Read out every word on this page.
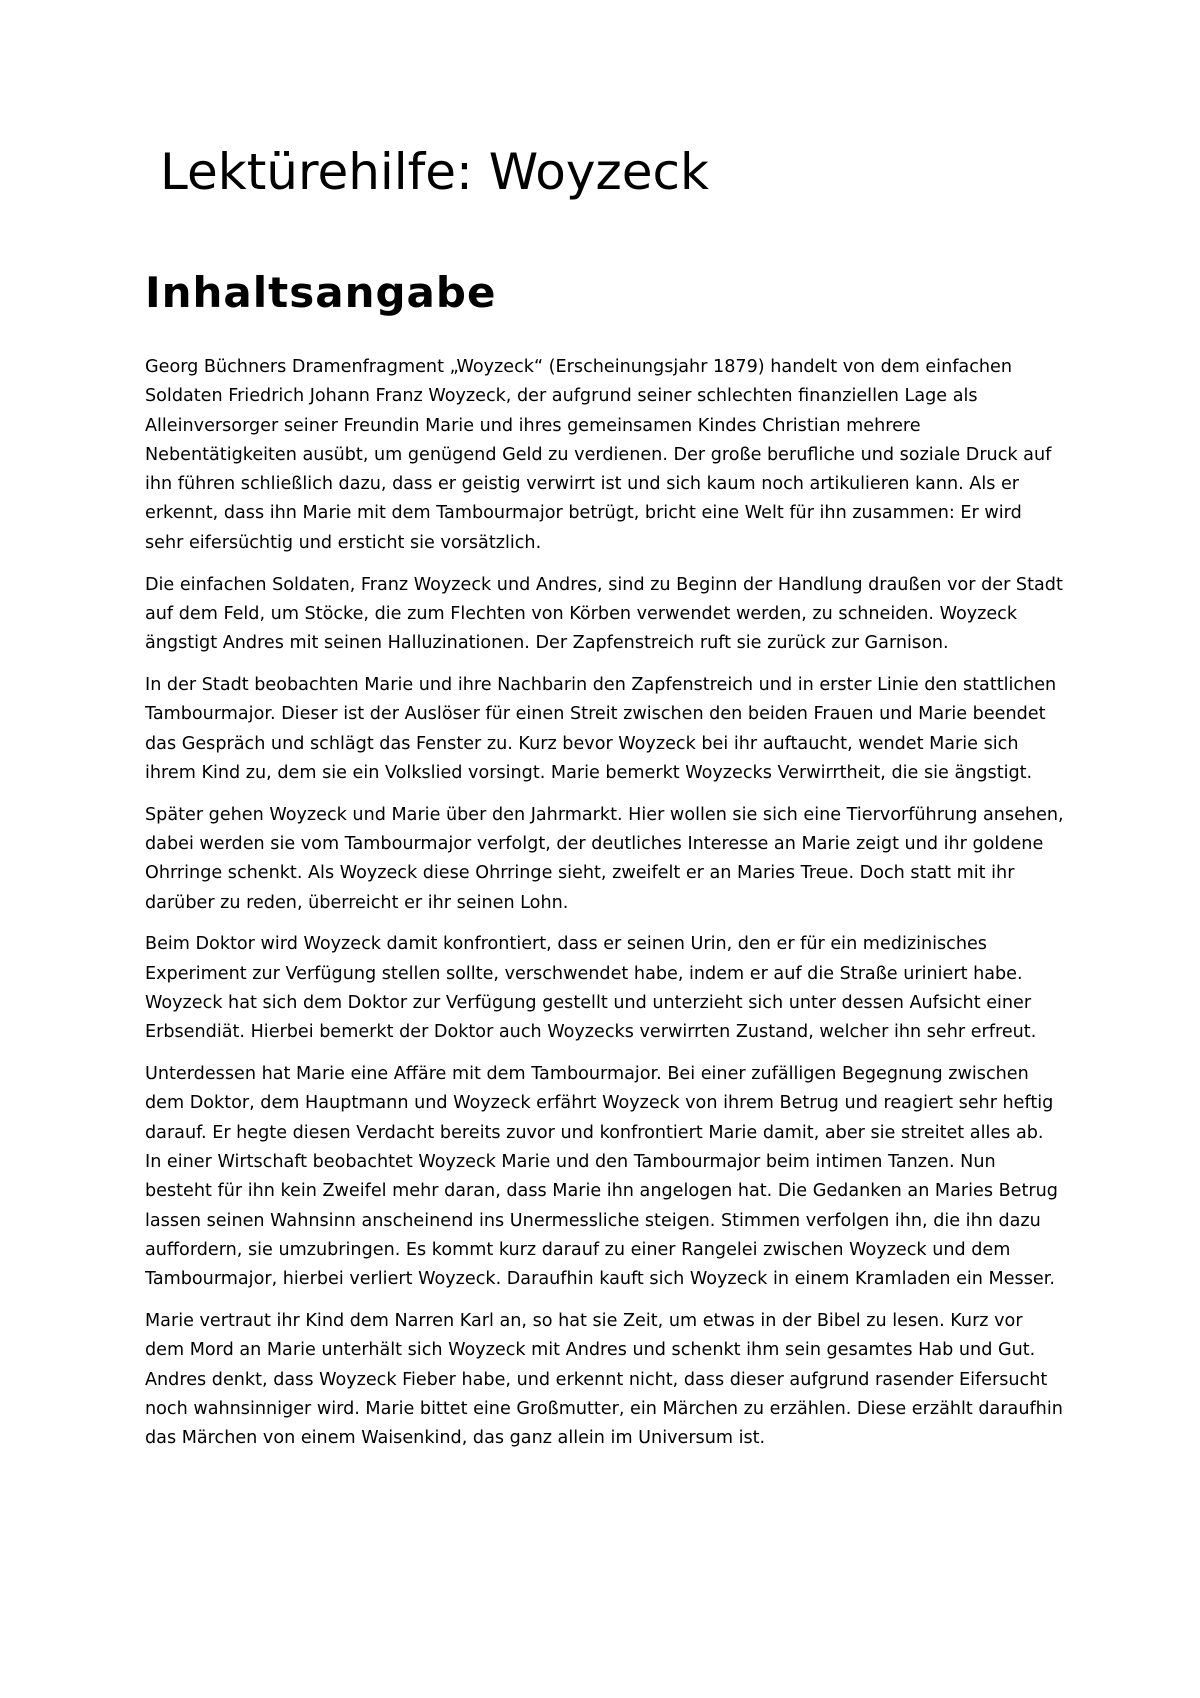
Lektürehilfe: Woyzeck
Inhaltsangabe

Georg Büchners Dramenfragment „Woyzeck“ (Erscheinungsjahr 1879) handelt von dem einfachen Soldaten Friedrich Johann Franz Woyzeck, der aufgrund seiner schlechten finanziellen Lage als Alleinversorger seiner Freundin Marie und ihres gemeinsamen Kindes Christian mehrere Nebentätigkeiten ausübt, um genügend Geld zu verdienen. Der große berufliche und soziale Druck auf ihn führen schließlich dazu, dass er geistig verwirrt ist und sich kaum noch artikulieren kann. Als er erkennt, dass ihn Marie mit dem Tambourmajor betrügt, bricht eine Welt für ihn zusammen: Er wird sehr eifersüchtig und ersticht sie vorsätzlich.

Die einfachen Soldaten, Franz Woyzeck und Andres, sind zu Beginn der Handlung draußen vor der Stadt auf dem Feld, um Stöcke, die zum Flechten von Körben verwendet werden, zu schneiden. Woyzeck ängstigt Andres mit seinen Halluzinationen. Der Zapfenstreich ruft sie zurück zur Garnison.

In der Stadt beobachten Marie und ihre Nachbarin den Zapfenstreich und in erster Linie den stattlichen Tambourmajor. Dieser ist der Auslöser für einen Streit zwischen den beiden Frauen und Marie beendet das Gespräch und schlägt das Fenster zu. Kurz bevor Woyzeck bei ihr auftaucht, wendet Marie sich ihrem Kind zu, dem sie ein Volkslied vorsingt. Marie bemerkt Woyzecks Verwirrtheit, die sie ängstigt.

Später gehen Woyzeck und Marie über den Jahrmarkt. Hier wollen sie sich eine Tiervorführung ansehen, dabei werden sie vom Tambourmajor verfolgt, der deutliches Interesse an Marie zeigt und ihr goldene Ohrringe schenkt. Als Woyzeck diese Ohrringe sieht, zweifelt er an Maries Treue. Doch statt mit ihr darüber zu reden, überreicht er ihr seinen Lohn.

Beim Doktor wird Woyzeck damit konfrontiert, dass er seinen Urin, den er für ein medizinisches Experiment zur Verfügung stellen sollte, verschwendet habe, indem er auf die Straße uriniert habe. Woyzeck hat sich dem Doktor zur Verfügung gestellt und unterzieht sich unter dessen Aufsicht einer Erbsendiät. Hierbei bemerkt der Doktor auch Woyzecks verwirrten Zustand, welcher ihn sehr erfreut.

Unterdessen hat Marie eine Affäre mit dem Tambourmajor. Bei einer zufälligen Begegnung zwischen dem Doktor, dem Hauptmann und Woyzeck erfährt Woyzeck von ihrem Betrug und reagiert sehr heftig darauf. Er hegte diesen Verdacht bereits zuvor und konfrontiert Marie damit, aber sie streitet alles ab. In einer Wirtschaft beobachtet Woyzeck Marie und den Tambourmajor beim intimen Tanzen. Nun besteht für ihn kein Zweifel mehr daran, dass Marie ihn angelogen hat. Die Gedanken an Maries Betrug lassen seinen Wahnsinn anscheinend ins Unermessliche steigen. Stimmen verfolgen ihn, die ihn dazu auffordern, sie umzubringen. Es kommt kurz darauf zu einer Rangelei zwischen Woyzeck und dem Tambourmajor, hierbei verliert Woyzeck. Daraufhin kauft sich Woyzeck in einem Kramladen ein Messer.

Marie vertraut ihr Kind dem Narren Karl an, so hat sie Zeit, um etwas in der Bibel zu lesen. Kurz vor dem Mord an Marie unterhält sich Woyzeck mit Andres und schenkt ihm sein gesamtes Hab und Gut. Andres denkt, dass Woyzeck Fieber habe, und erkennt nicht, dass dieser aufgrund rasender Eifersucht noch wahnsinniger wird. Marie bittet eine Großmutter, ein Märchen zu erzählen. Diese erzählt daraufhin das Märchen von einem Waisenkind, das ganz allein im Universum ist.
